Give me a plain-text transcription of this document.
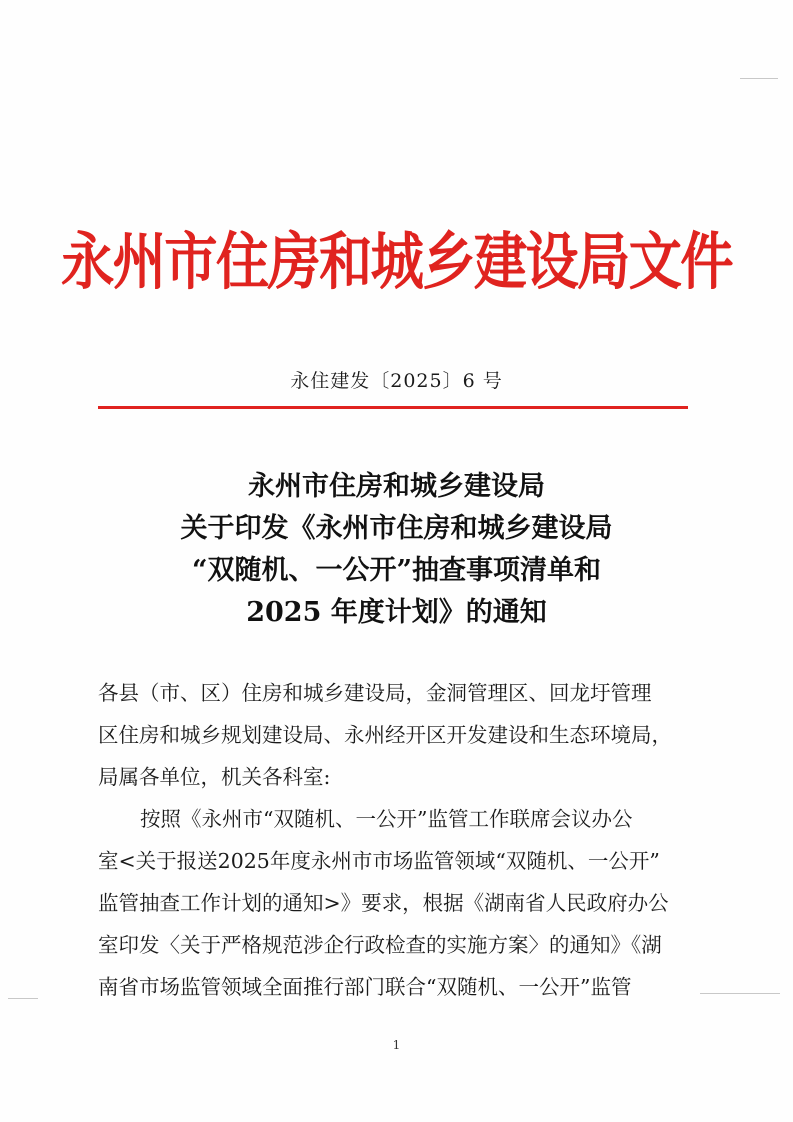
永州市住房和城乡建设局文件
永住建发〔2025〕6 号
永州市住房和城乡建设局
关于印发《永州市住房和城乡建设局
“双随机、一公开”抽查事项清单和
2025 年度计划》的通知
各县（市、区）住房和城乡建设局，金洞管理区、回龙圩管理
区住房和城乡规划建设局、永州经开区开发建设和生态环境局，
局属各单位，机关各科室:
按照《永州市“双随机、一公开”监管工作联席会议办公
室<关于报送2025年度永州市市场监管领域“双随机、一公开”
监管抽查工作计划的通知>》要求，根据《湖南省人民政府办公
室印发〈关于严格规范涉企行政检查的实施方案〉的通知》《湖
南省市场监管领域全面推行部门联合“双随机、一公开”监管
1
